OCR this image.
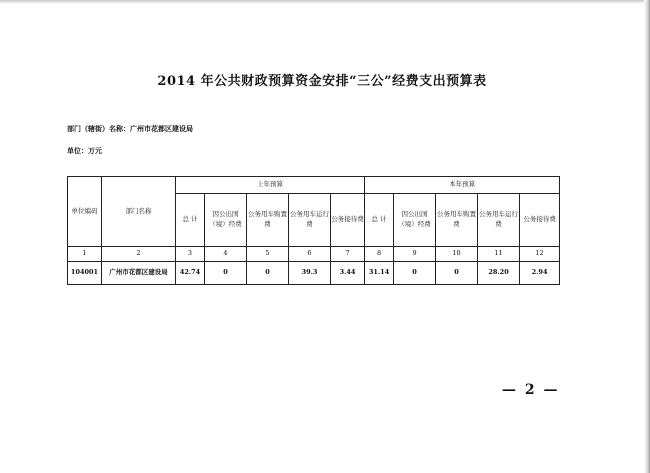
2014 年公共财政预算资金安排“三公”经费支出预算表
部门（辖街）名称：广州市花都区建设局
单位：万元
单位编码	部门名称	上年预算					本年预算				
		总 计	因公出国（境）经费	公务用车购置费	公务用车运行费	公务接待费	总 计	因公出国（境）经费	公务用车购置费	公务用车运行费	公务接待费
1	2	3	4	5	6	7	8	9	10	11	12
104001	广州市花都区建设局	42.74	0	0	39.3	3.44	31.14	0	0	28.20	2.94
— 2 —
